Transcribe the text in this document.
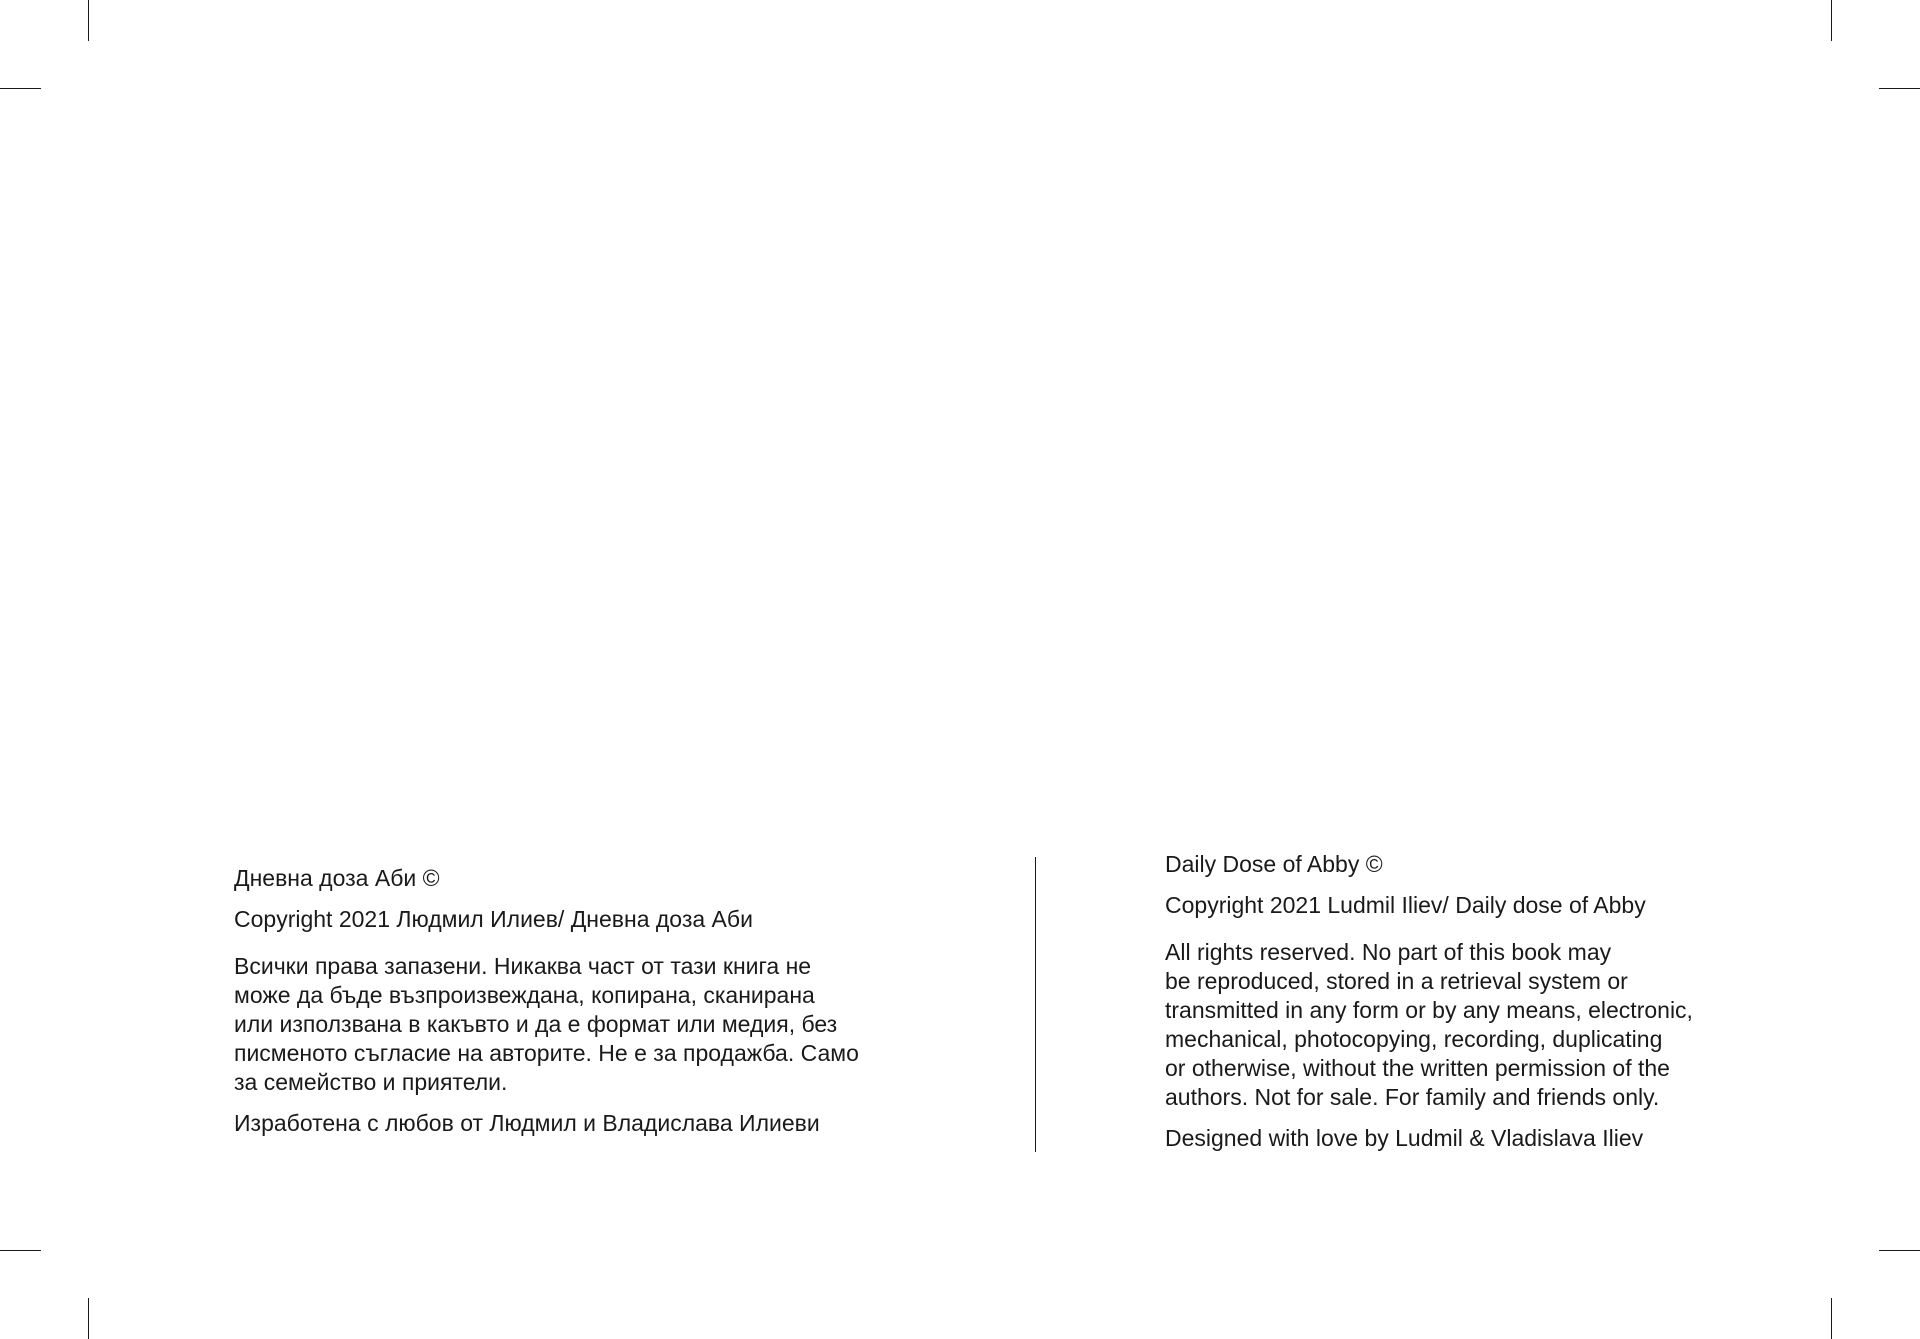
Дневна доза Аби ©

Copyright 2021 Людмил Илиев/ Дневна доза Аби

Всички права запазени. Никаква част от тази книга не
може да бъде възпроизвеждана, копирана, сканирана
или използвана в какъвто и да е формат или медия, без
писменото съгласие на авторите. Не е за продажба. Само
за семейство и приятели.

Изработена с любов от Людмил и Владислава Илиеви

Daily Dose of Abby ©

Copyright 2021 Ludmil Iliev/ Daily dose of Abby

All rights reserved. No part of this book may
be reproduced, stored in a retrieval system or
transmitted in any form or by any means, electronic,
mechanical, photocopying, recording, duplicating
or otherwise, without the written permission of the
authors. Not for sale. For family and friends only.

Designed with love by Ludmil & Vladislava Iliev
